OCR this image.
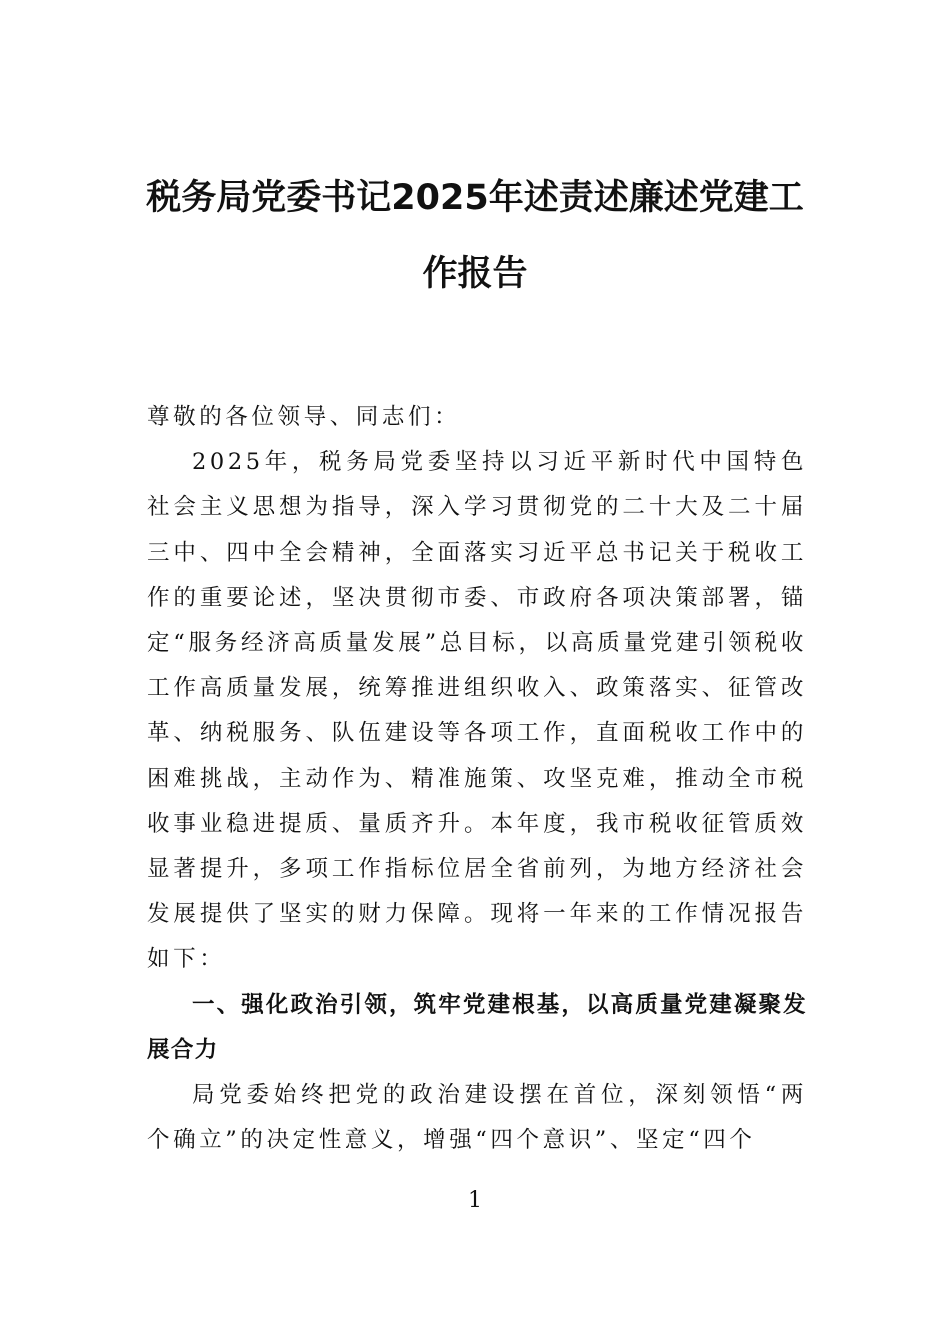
税务局党委书记2025年述责述廉述党建工作报告

尊敬的各位领导、同志们：

2025年，税务局党委坚持以习近平新时代中国特色社会主义思想为指导，深入学习贯彻党的二十大及二十届三中、四中全会精神，全面落实习近平总书记关于税收工作的重要论述，坚决贯彻市委、市政府各项决策部署，锚定“服务经济高质量发展”总目标，以高质量党建引领税收工作高质量发展，统筹推进组织收入、政策落实、征管改革、纳税服务、队伍建设等各项工作，直面税收工作中的困难挑战，主动作为、精准施策、攻坚克难，推动全市税收事业稳进提质、量质齐升。本年度，我市税收征管质效显著提升，多项工作指标位居全省前列，为地方经济社会发展提供了坚实的财力保障。现将一年来的工作情况报告如下：

一、强化政治引领，筑牢党建根基，以高质量党建凝聚发展合力

局党委始终把党的政治建设摆在首位，深刻领悟“两个确立”的决定性意义，增强“四个意识”、坚定“四个

1
